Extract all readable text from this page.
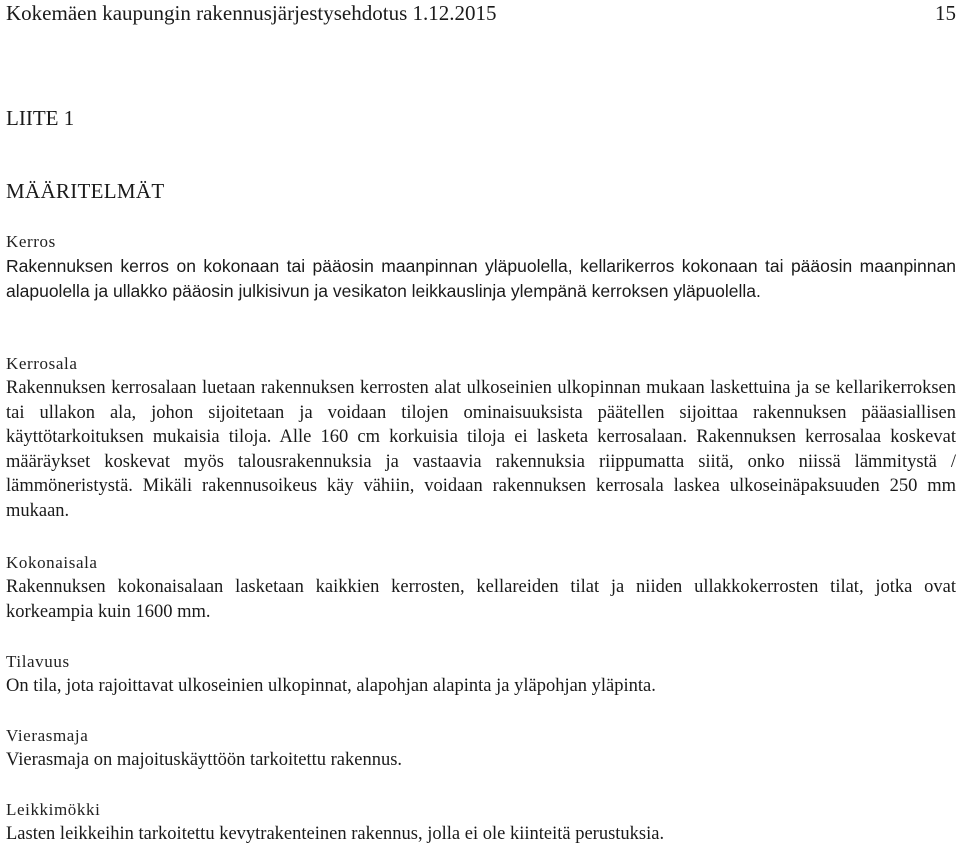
Kokemäen kaupungin rakennusjärjestysehdotus 1.12.2015	15
LIITE 1
MÄÄRITELMÄT
Kerros
Rakennuksen kerros on kokonaan tai pääosin maanpinnan yläpuolella, kellarikerros kokonaan tai pääosin maanpinnan alapuolella ja ullakko pääosin julkisivun ja vesikaton leikkauslinja ylempänä kerroksen yläpuolella.
Kerrosala
Rakennuksen kerrosalaan luetaan rakennuksen kerrosten alat ulkoseinien ulkopinnan mukaan laskettuina ja se kellarikerroksen tai ullakon ala, johon sijoitetaan ja voidaan tilojen ominaisuuksista päätellen sijoittaa rakennuksen pääasiallisen käyttötarkoituksen mukaisia tiloja. Alle 160 cm korkuisia tiloja ei lasketa kerrosalaan. Rakennuksen kerrosalaa koskevat määräykset koskevat myös talousrakennuksia ja vastaavia rakennuksia riippumatta siitä, onko niissä lämmitystä / lämmöneristystä. Mikäli rakennusoikeus käy vähiin, voidaan rakennuksen kerrosala laskea ulkoseinäpaksuuden 250 mm mukaan.
Kokonaisala
Rakennuksen kokonaisalaan lasketaan kaikkien kerrosten, kellareiden tilat ja niiden ullakkokerrosten tilat, jotka ovat korkeampia kuin 1600 mm.
Tilavuus
On tila, jota rajoittavat ulkoseinien ulkopinnat, alapohjan alapinta ja yläpohjan yläpinta.
Vierasmaja
Vierasmaja on majoituskäyttöön tarkoitettu rakennus.
Leikkimökki
Lasten leikkeihin tarkoitettu kevytrakenteinen rakennus, jolla ei ole kiinteitä perustuksia.
